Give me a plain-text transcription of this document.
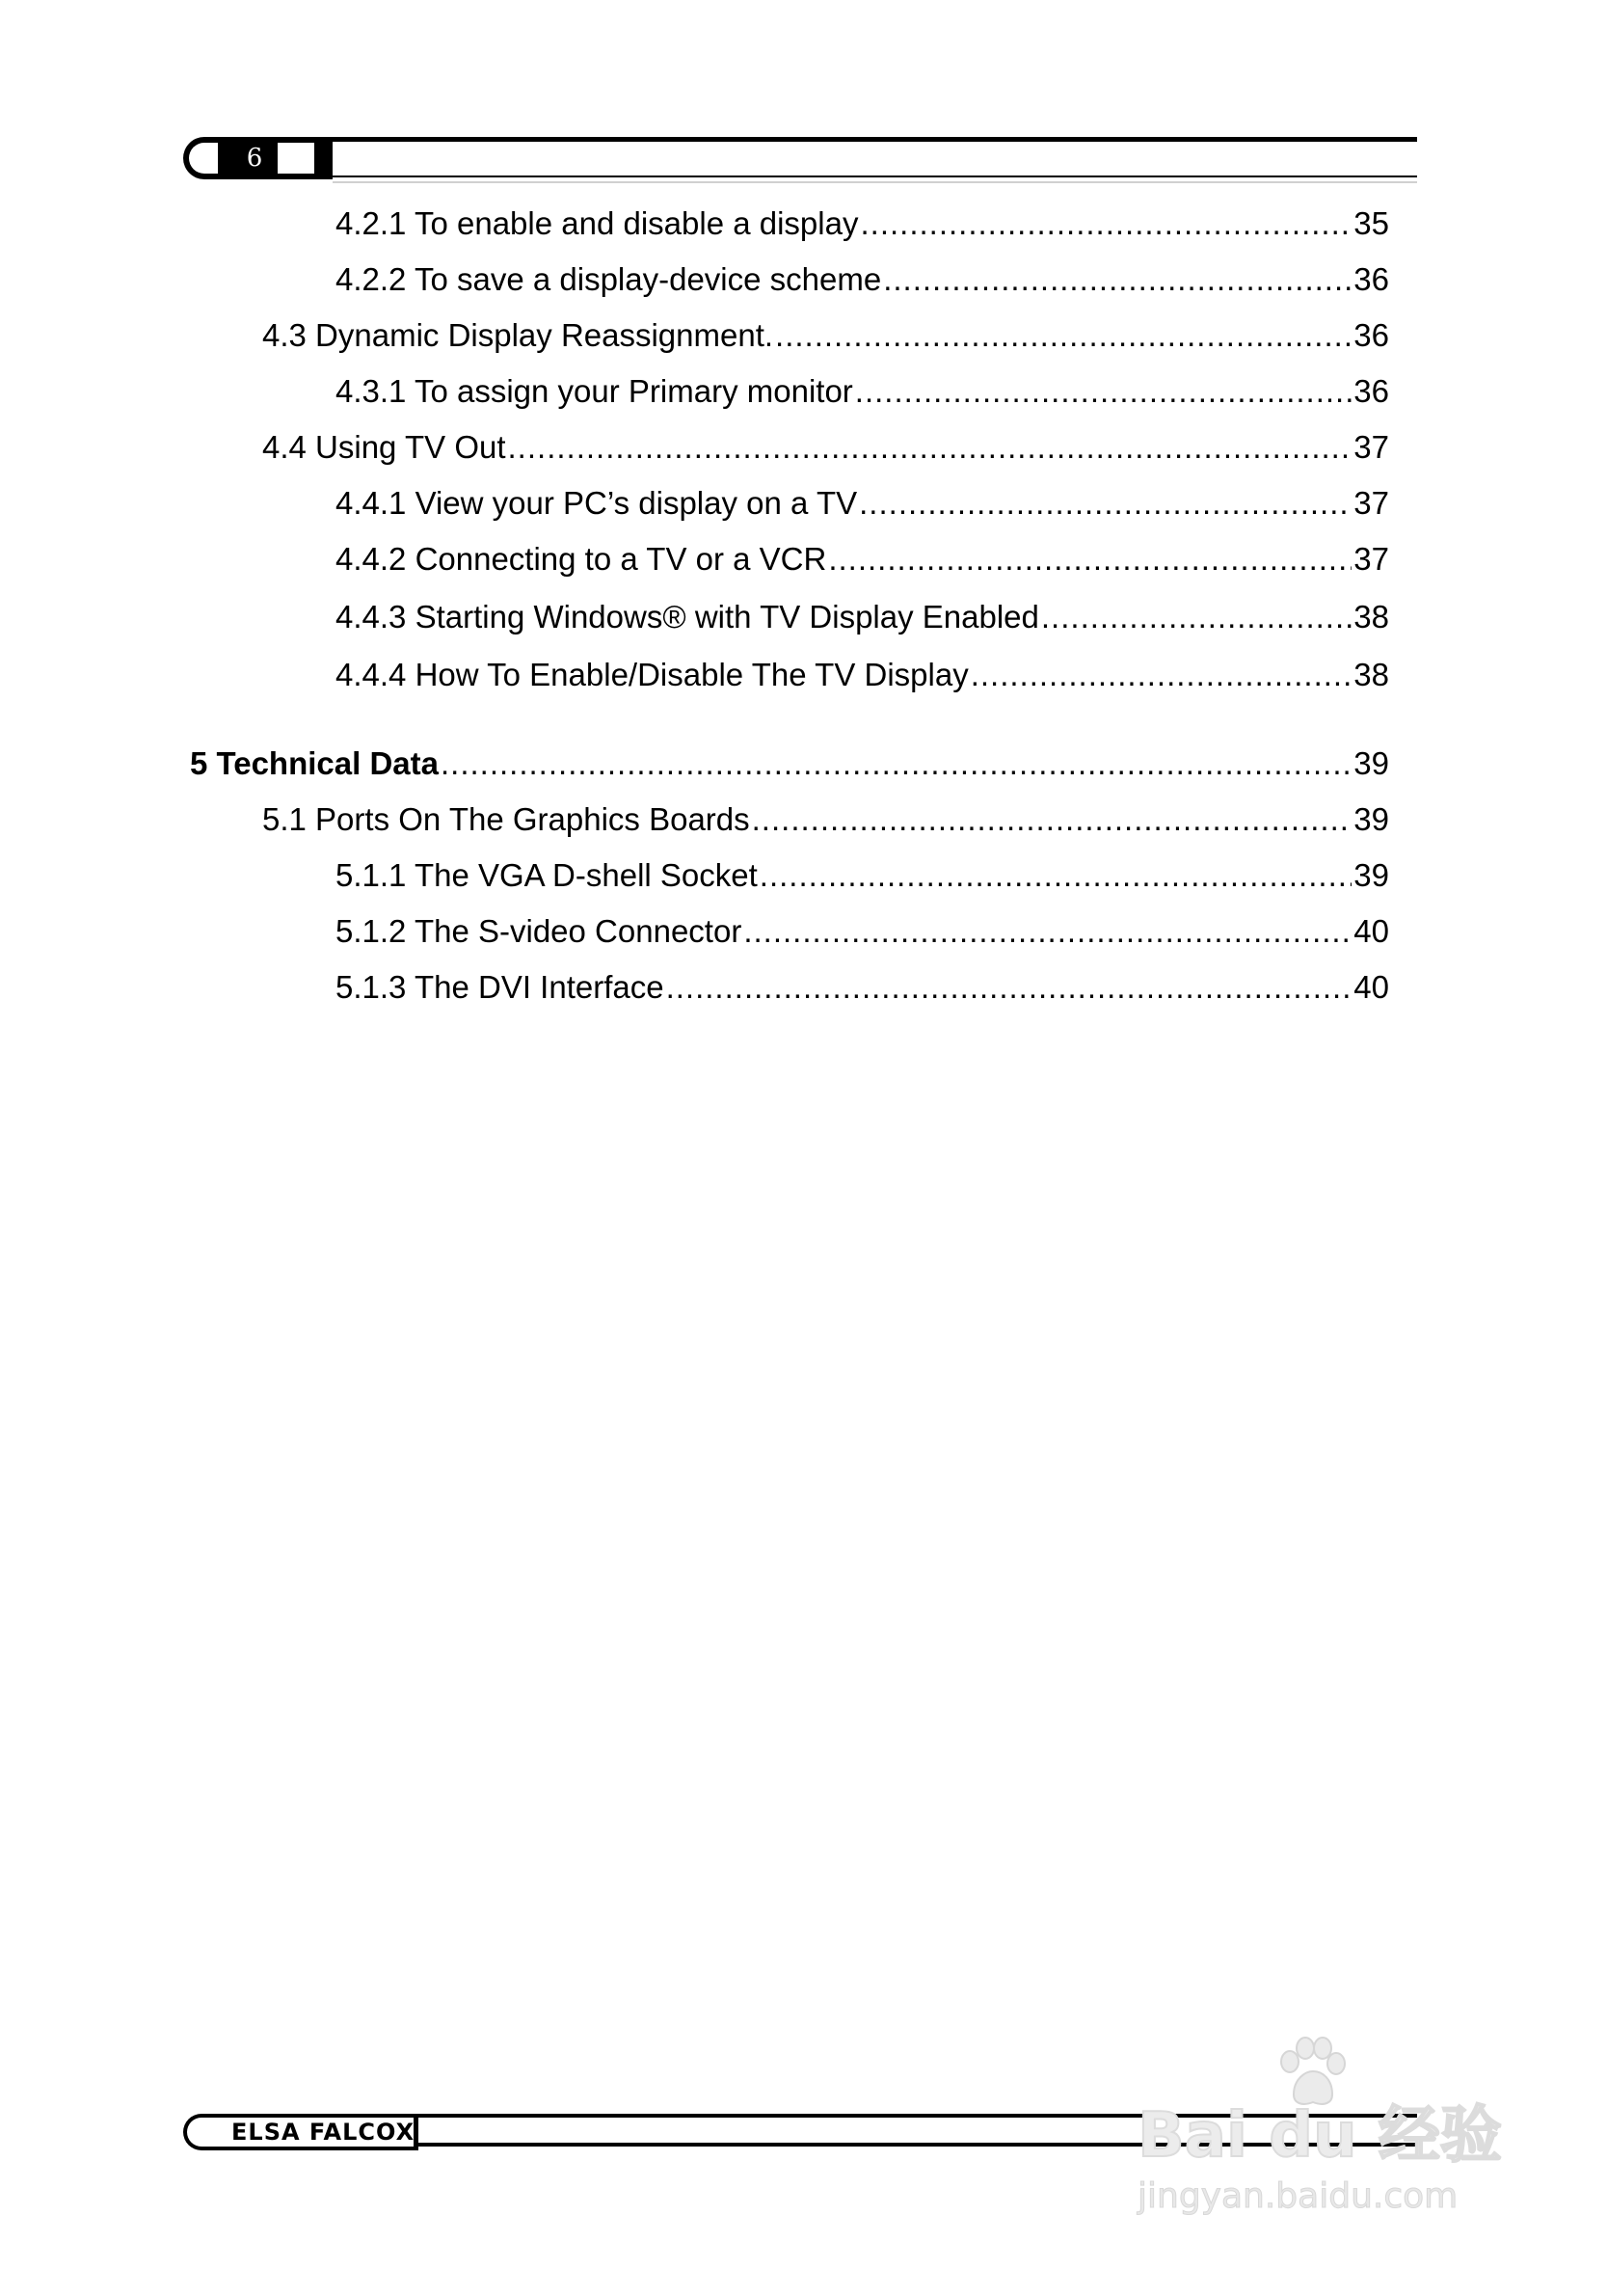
6
4.2.1 To enable and disable a display .....	35
4.2.2 To save a display-device scheme .....	36
4.3 Dynamic Display Reassignment. .....	36
4.3.1 To assign your Primary monitor .....	36
4.4 Using TV Out .....	37
4.4.1 View your PC’s display on a TV .....	37
4.4.2 Connecting to a TV or a VCR .....	37
4.4.3 Starting Windows® with TV Display Enabled .....	38
4.4.4 How To Enable/Disable The TV Display .....	38
5 Technical Data .....	39
5.1 Ports On The Graphics Boards .....	39
5.1.1 The VGA D-shell Socket .....	39
5.1.2 The S-video Connector .....	40
5.1.3 The DVI Interface .....	40
ELSA FALCOX	Bai du 经验
jingyan.baidu.com
